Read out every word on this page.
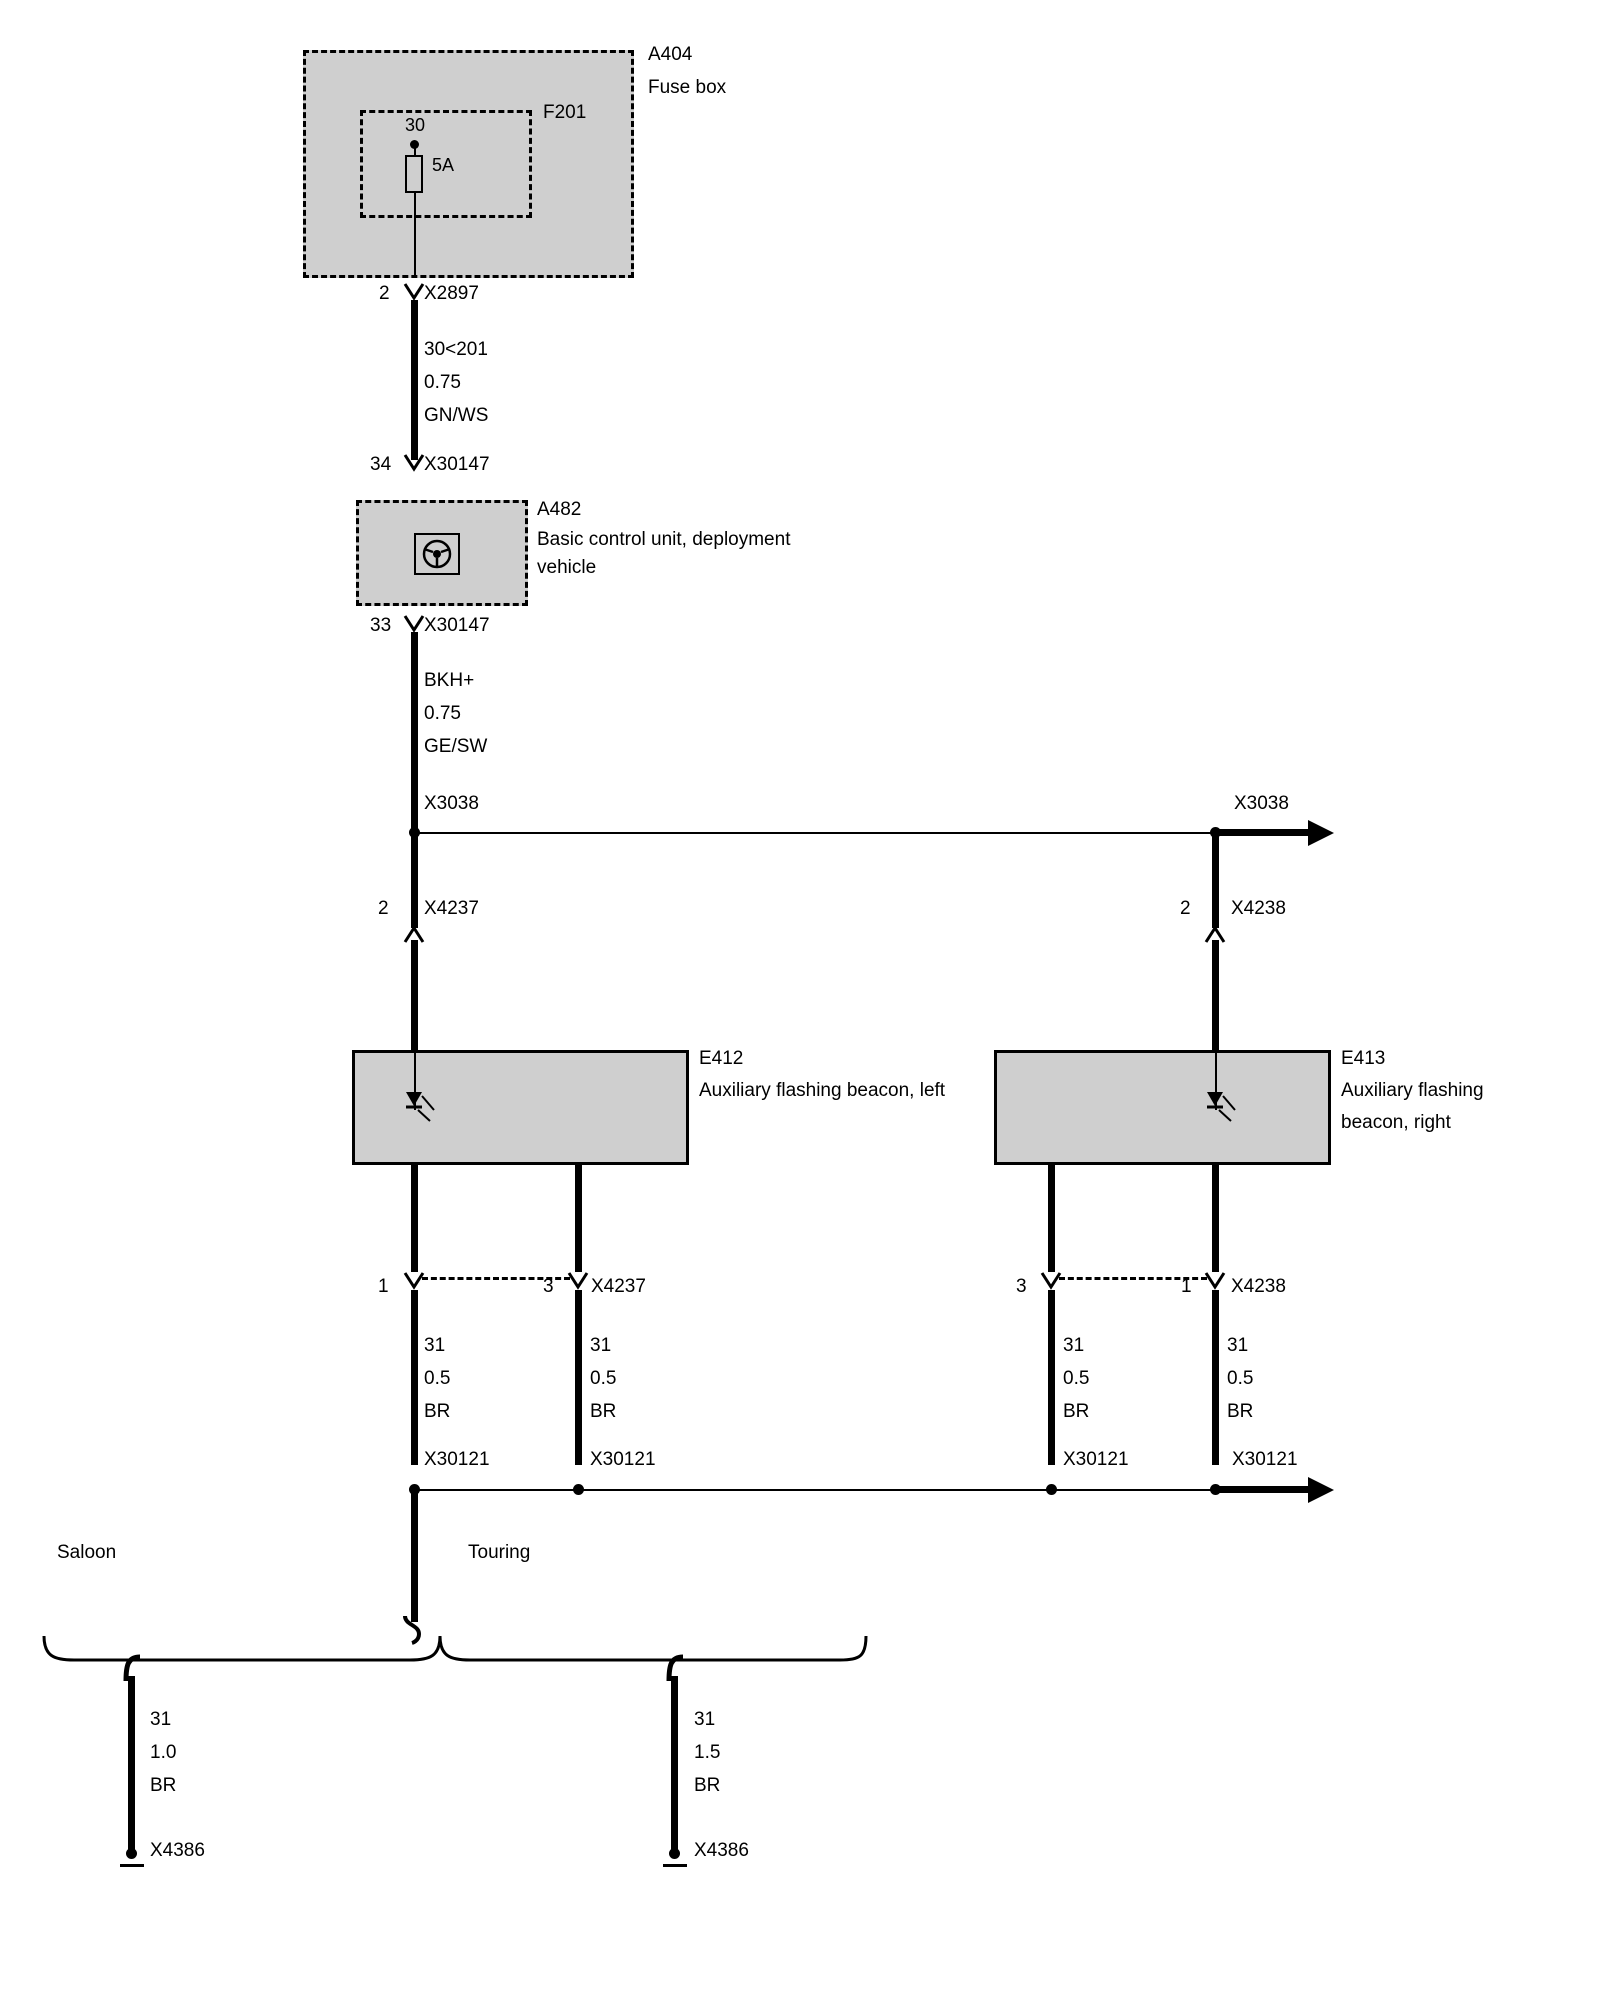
A404
Fuse box
F201
30
5A
2 X2897
30<201
0.75
GN/WS
34 X30147
A482
Basic control unit, deployment
vehicle
33 X30147
BKH+
0.75
GE/SW
X3038	X3038
2 X4237	2 X4238
E412
Auxiliary flashing beacon, left
E413
Auxiliary flashing
beacon, right
1	3 X4237	3	1 X4238
31
0.5
BR
31
0.5
BR
31
0.5
BR
31
0.5
BR
X30121	X30121	X30121	X30121
Saloon	Touring
31
1.0
BR
X4386
31
1.5
BR
X4386
